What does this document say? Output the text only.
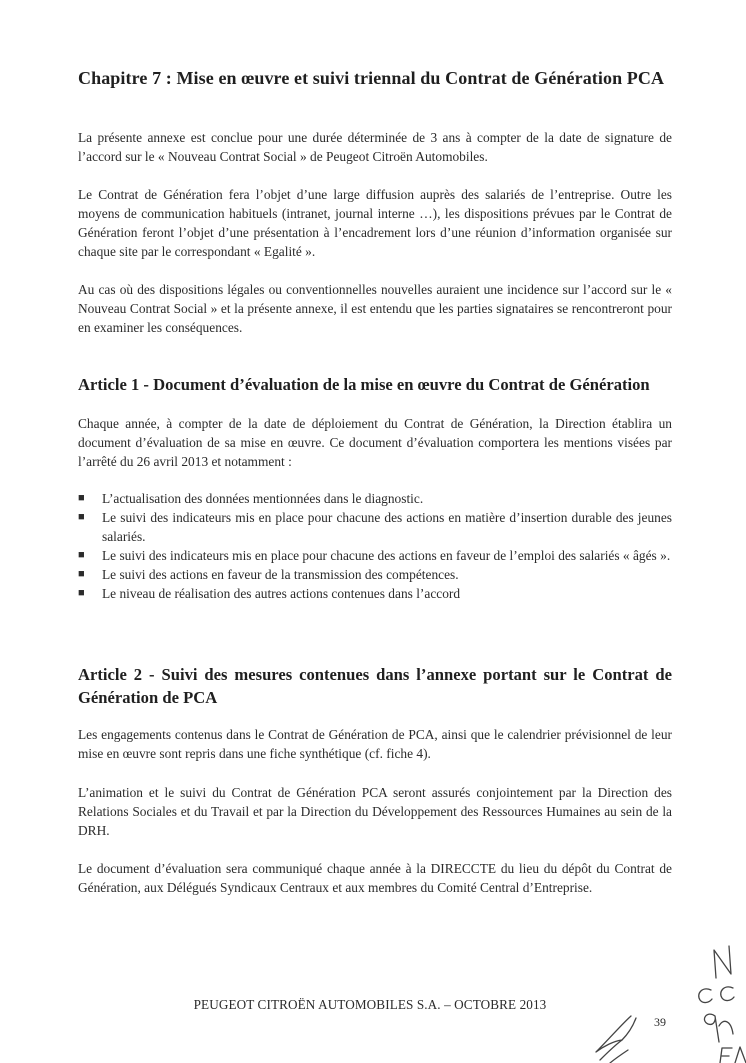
Chapitre 7 : Mise en œuvre et suivi triennal du Contrat de Génération PCA
La présente annexe est conclue pour une durée déterminée de 3 ans à compter de la date de signature de l’accord sur le « Nouveau Contrat Social » de Peugeot Citroën Automobiles.
Le Contrat de Génération fera l’objet d’une large diffusion auprès des salariés de l’entreprise. Outre les moyens de communication habituels (intranet, journal interne …), les dispositions prévues par le Contrat de Génération feront l’objet d’une présentation à l’encadrement lors d’une réunion d’information organisée sur chaque site par le correspondant « Egalité ».
Au cas où des dispositions légales ou conventionnelles nouvelles auraient une incidence sur l’accord sur le « Nouveau Contrat Social » et la présente annexe, il est entendu que les parties signataires se rencontreront pour en examiner les conséquences.
Article 1 - Document d’évaluation de la mise en œuvre du Contrat de Génération
Chaque année, à compter de la date de déploiement du Contrat de Génération, la Direction établira un document d’évaluation de sa mise en œuvre. Ce document d’évaluation comportera les mentions visées par l’arrêté du 26 avril 2013 et notamment :
■ L’actualisation des données mentionnées dans le diagnostic.
■ Le suivi des indicateurs mis en place pour chacune des actions en matière d’insertion durable des jeunes salariés.
■ Le suivi des indicateurs mis en place pour chacune des actions en faveur de l’emploi des salariés « âgés ».
■ Le suivi des actions en faveur de la transmission des compétences.
■ Le niveau de réalisation des autres actions contenues dans l’accord
Article 2 - Suivi des mesures contenues dans l’annexe portant sur le Contrat de
Génération de PCA
Les engagements contenus dans le Contrat de Génération de PCA, ainsi que le calendrier prévisionnel de leur mise en œuvre sont repris dans une fiche synthétique (cf. fiche 4).
L’animation et le suivi du Contrat de Génération PCA seront assurés conjointement par la Direction des Relations Sociales et du Travail et par la Direction du Développement des Ressources Humaines au sein de la DRH.
Le document d’évaluation sera communiqué chaque année à la DIRECCTE du lieu du dépôt du Contrat de Génération, aux Délégués Syndicaux Centraux et aux membres du Comité Central d’Entreprise.
PEUGEOT CITROËN AUTOMOBILES S.A. – OCTOBRE 2013
39
